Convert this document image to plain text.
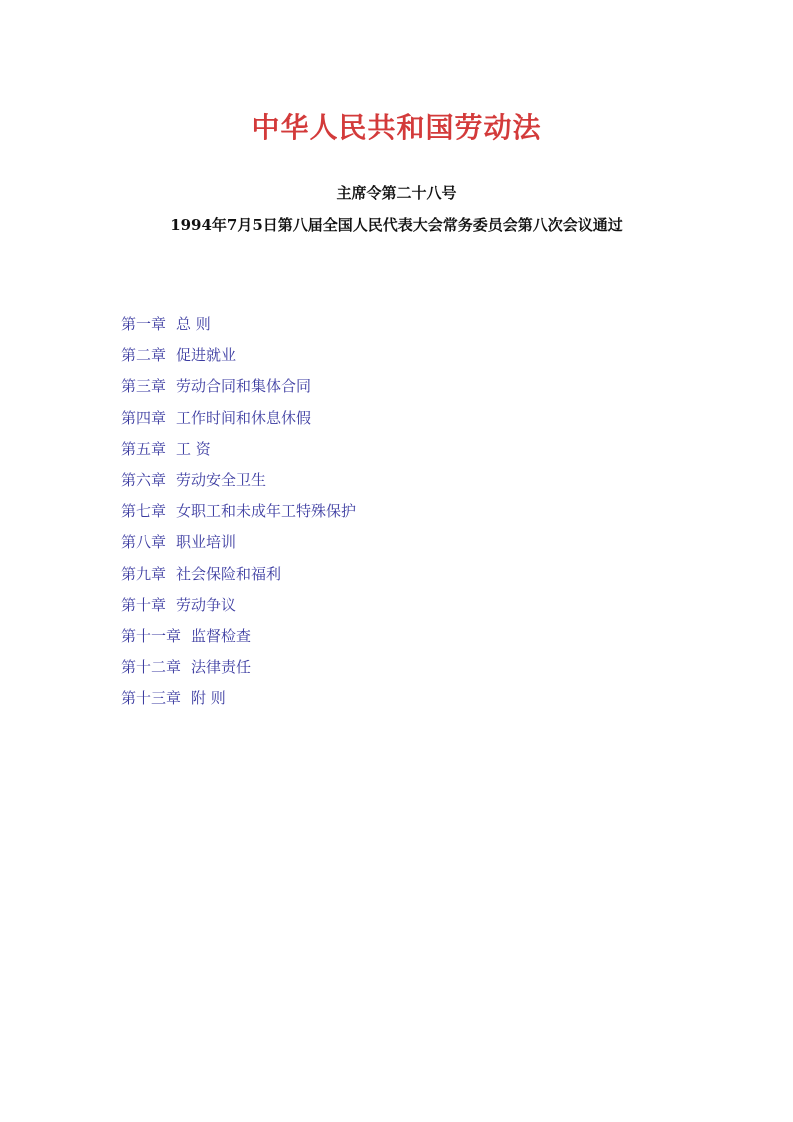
中华人民共和国劳动法
主席令第二十八号
1994年7月5日第八届全国人民代表大会常务委员会第八次会议通过
第一章 总 则
第二章 促进就业
第三章 劳动合同和集体合同
第四章 工作时间和休息休假
第五章 工 资
第六章 劳动安全卫生
第七章 女职工和未成年工特殊保护
第八章 职业培训
第九章 社会保险和福利
第十章 劳动争议
第十一章 监督检查
第十二章 法律责任
第十三章 附 则
